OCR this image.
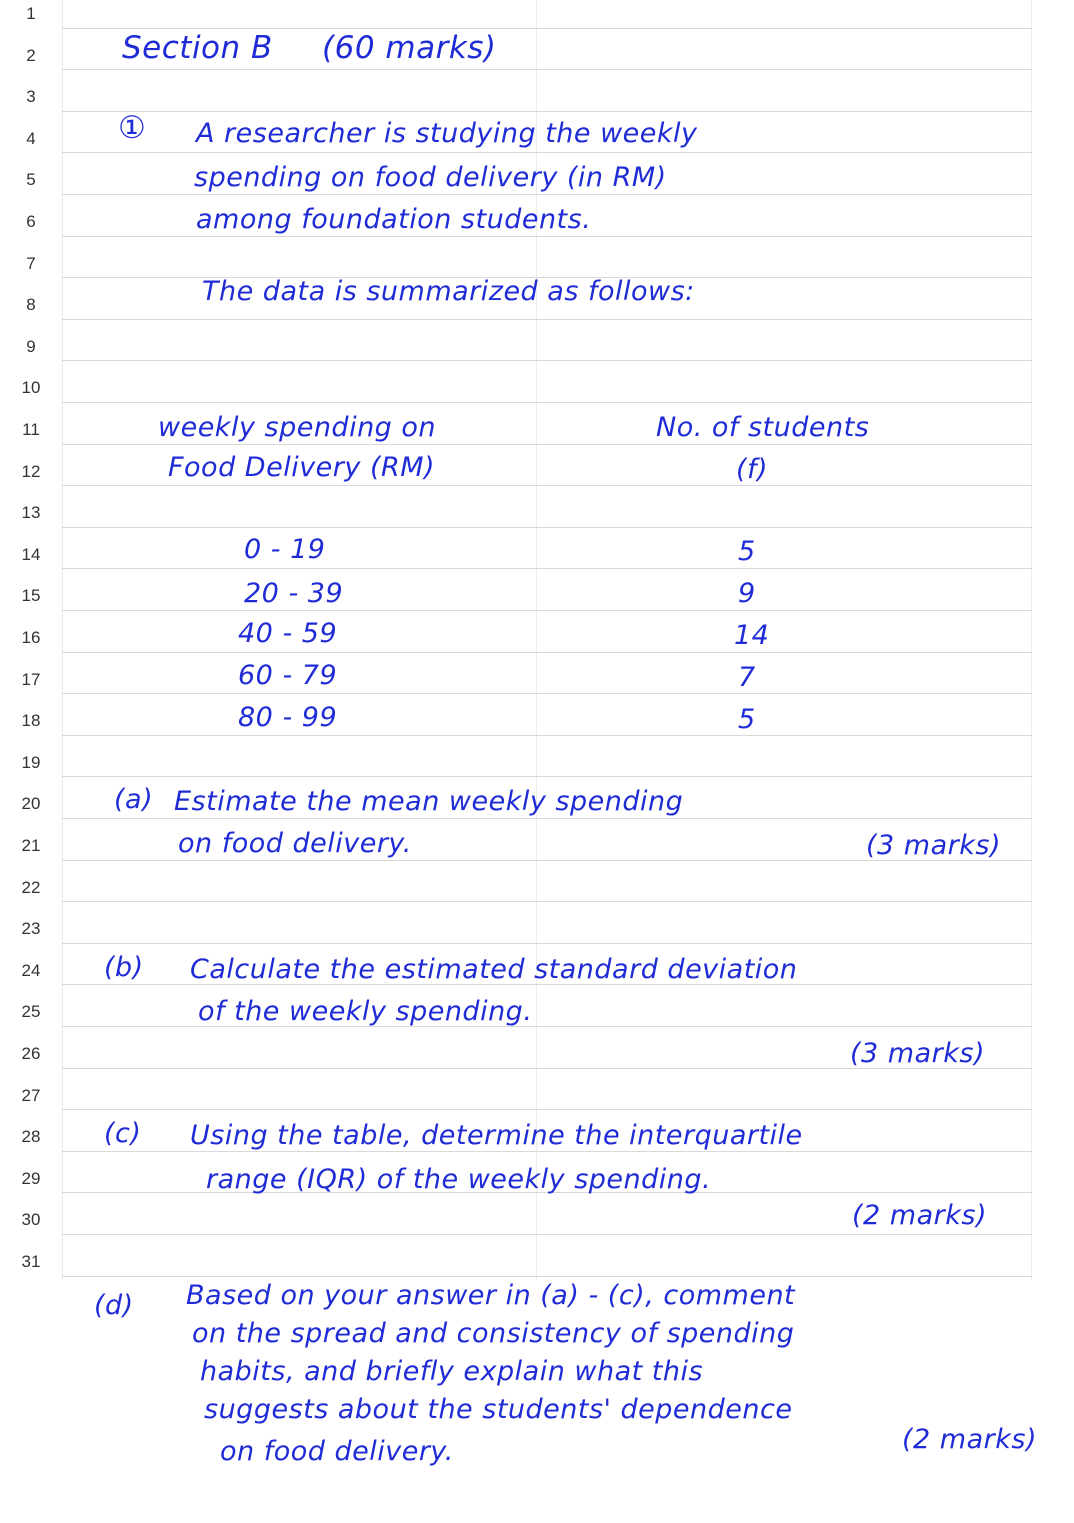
1
2
3
4
5
6
7
8
9
10
11
12
13
14
15
16
17
18
19
20
21
22
23
24
25
26
27
28
29
30
31
Section B (60 marks)
① A researcher is studying the weekly
spending on food delivery (in RM)
among foundation students.
The data is summarized as follows:
weekly spending on
Food Delivery (RM)
No. of students
(f)
0 - 19
20 - 39
40 - 59
60 - 79
80 - 99
5
9
14
7
5
(a) Estimate the mean weekly spending
on food delivery.	(3 marks)
(b) Calculate the estimated standard deviation
of the weekly spending.
(3 marks)
(c) Using the table, determine the interquartile
range (IQR) of the weekly spending.
(2 marks)
(d) Based on your answer in (a) - (c), comment
on the spread and consistency of spending
habits, and briefly explain what this
suggests about the students' dependence
on food delivery.	(2 marks)
